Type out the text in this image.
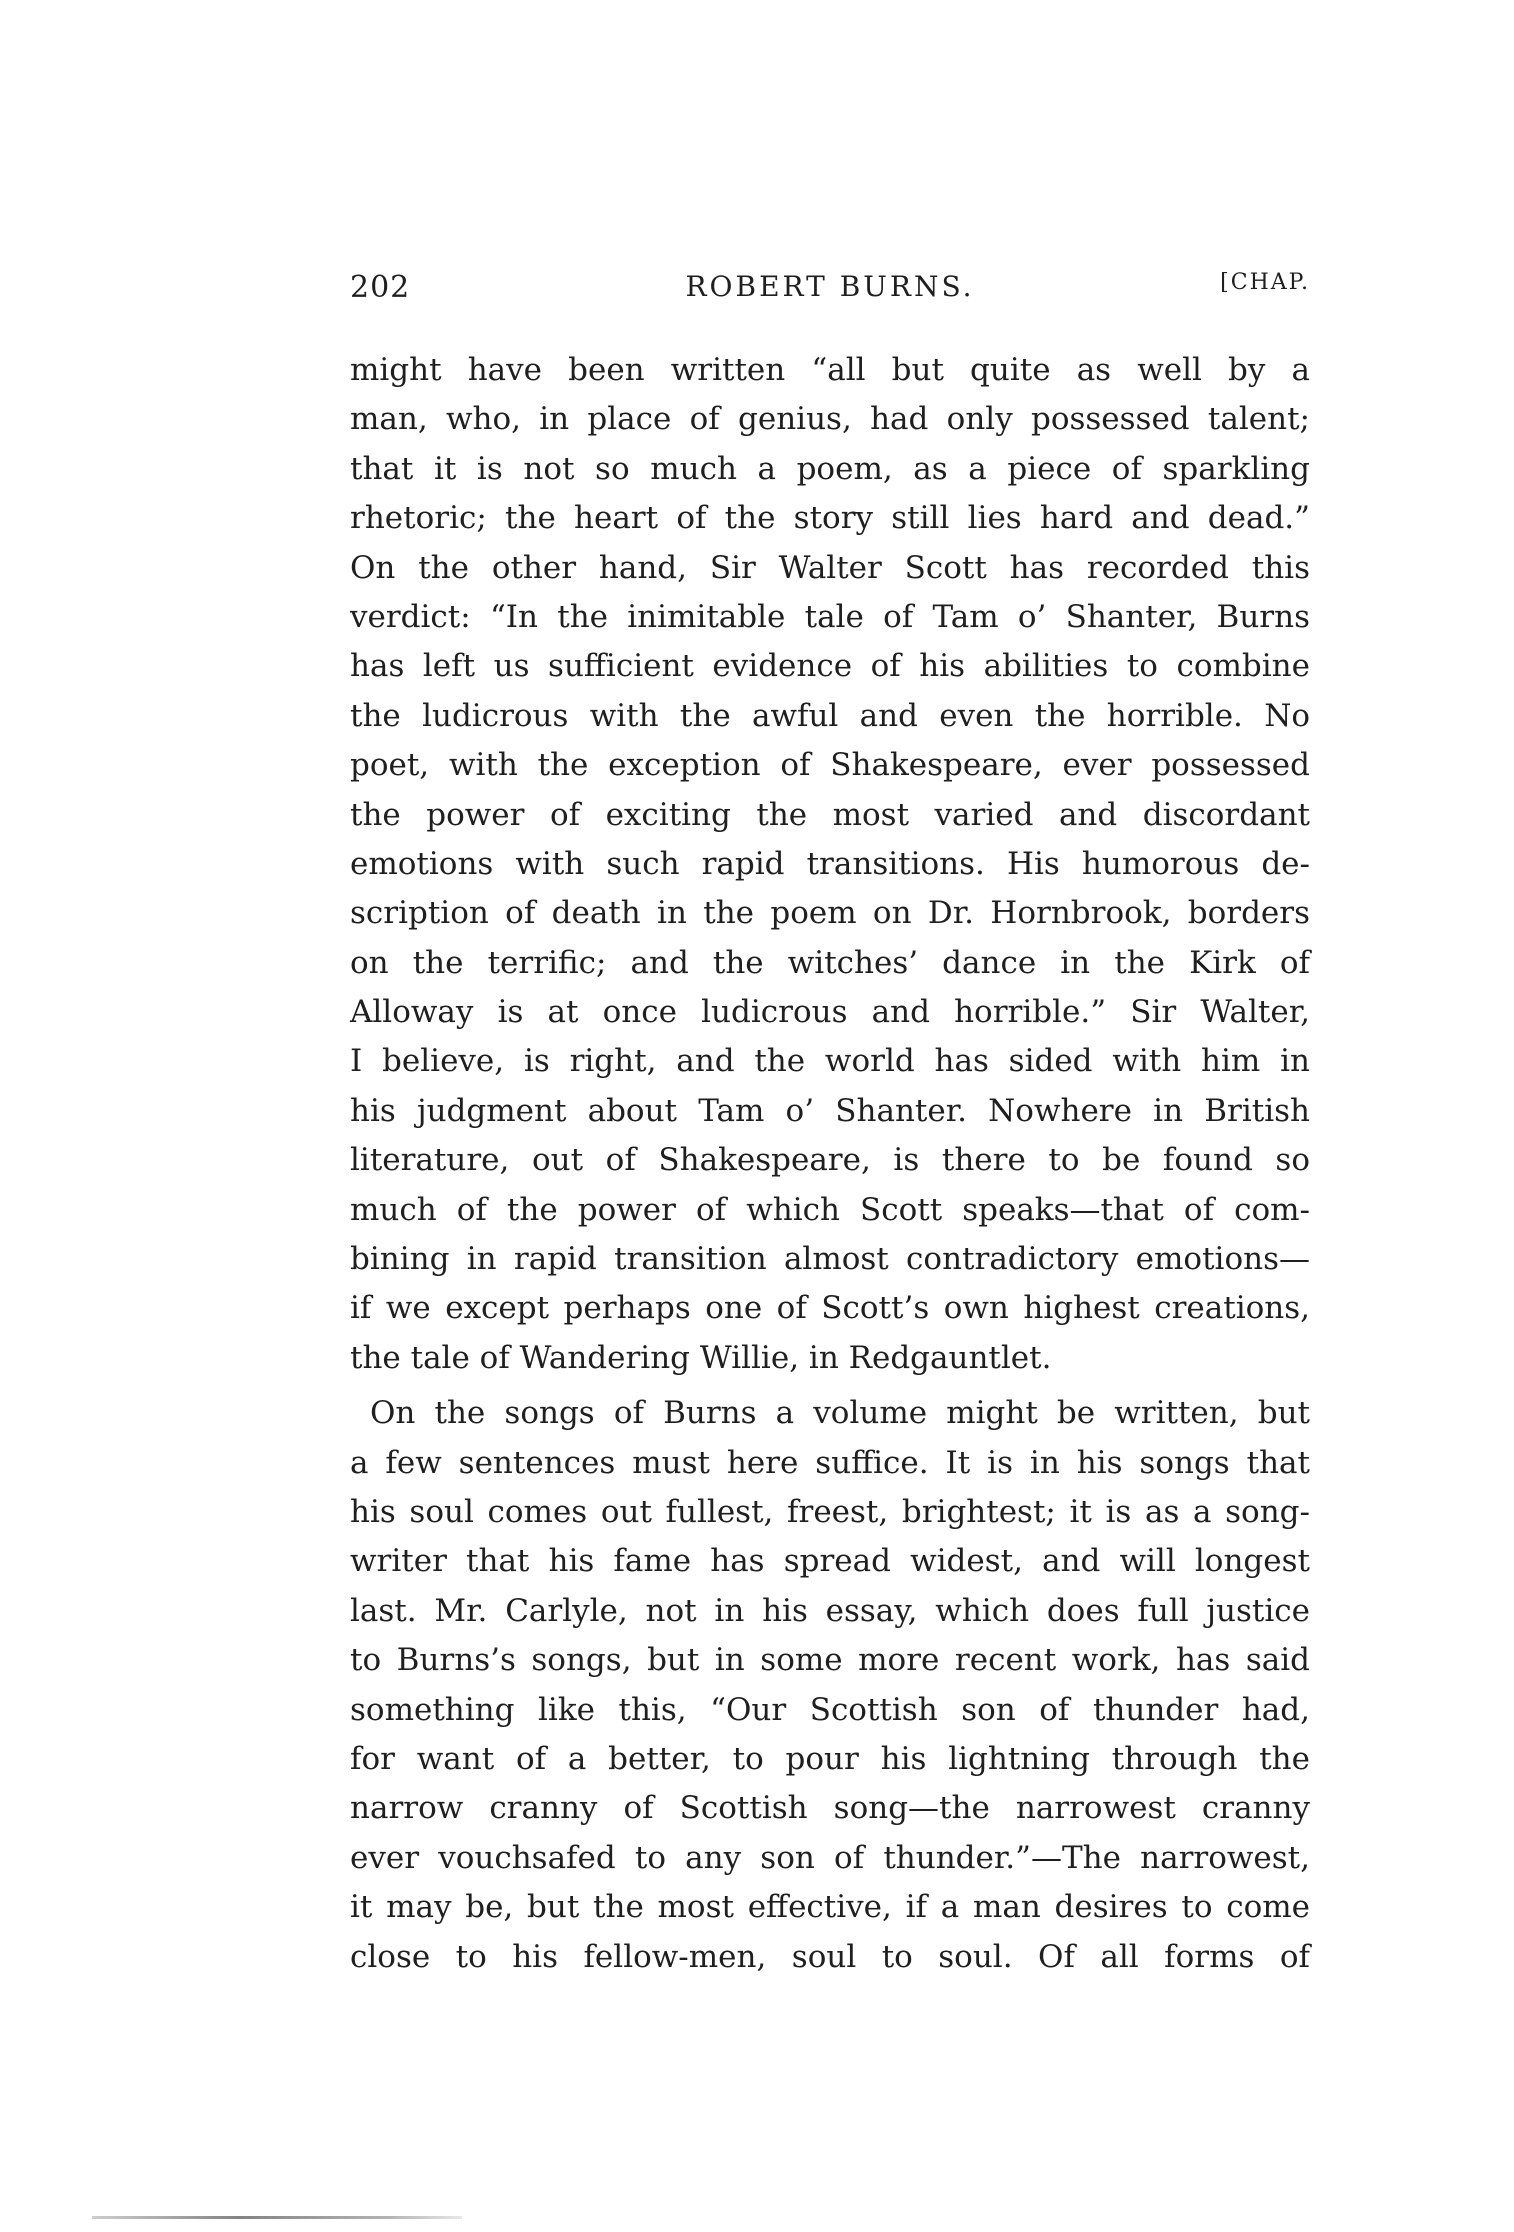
202	ROBERT BURNS.	[CHAP.
might have been written “all but quite as well by a
man, who, in place of genius, had only possessed talent;
that it is not so much a poem, as a piece of sparkling
rhetoric; the heart of the story still lies hard and dead.”
On the other hand, Sir Walter Scott has recorded this
verdict: “In the inimitable tale of Tam o’ Shanter, Burns
has left us sufficient evidence of his abilities to combine
the ludicrous with the awful and even the horrible. No
poet, with the exception of Shakespeare, ever possessed
the power of exciting the most varied and discordant
emotions with such rapid transitions. His humorous de-
scription of death in the poem on Dr. Hornbrook, borders
on the terrific; and the witches’ dance in the Kirk of
Alloway is at once ludicrous and horrible.” Sir Walter,
I believe, is right, and the world has sided with him in
his judgment about Tam o’ Shanter. Nowhere in British
literature, out of Shakespeare, is there to be found so
much of the power of which Scott speaks—that of com-
bining in rapid transition almost contradictory emotions—
if we except perhaps one of Scott’s own highest creations,
the tale of Wandering Willie, in Redgauntlet.
On the songs of Burns a volume might be written, but
a few sentences must here suffice. It is in his songs that
his soul comes out fullest, freest, brightest; it is as a song-
writer that his fame has spread widest, and will longest
last. Mr. Carlyle, not in his essay, which does full justice
to Burns’s songs, but in some more recent work, has said
something like this, “Our Scottish son of thunder had,
for want of a better, to pour his lightning through the
narrow cranny of Scottish song—the narrowest cranny
ever vouchsafed to any son of thunder.”—The narrowest,
it may be, but the most effective, if a man desires to come
close to his fellow-men, soul to soul. Of all forms of
